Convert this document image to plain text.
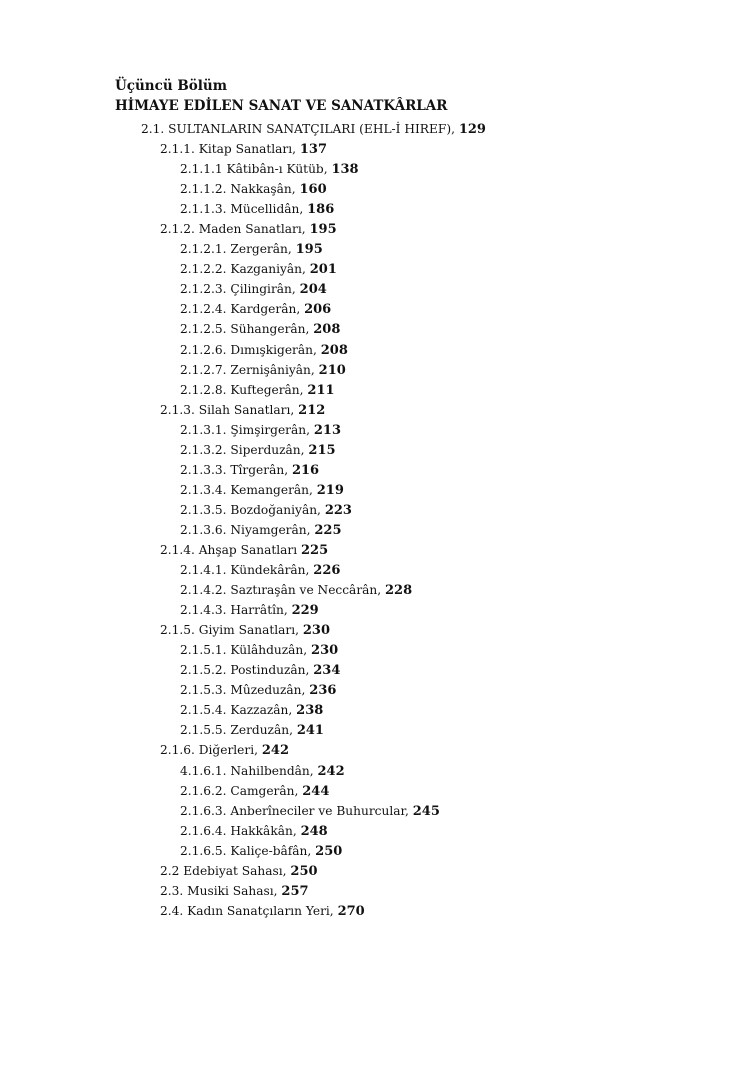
Üçüncü Bölüm
HİMAYE EDİLEN SANAT VE SANATKÂRLAR
2.1. SULTANLARIN SANATÇILARI (EHL-İ HIREF), 129
2.1.1. Kitap Sanatları, 137
2.1.1.1 Kâtibân-ı Kütüb, 138
2.1.1.2. Nakkaşân, 160
2.1.1.3. Mücellidân, 186
2.1.2. Maden Sanatları, 195
2.1.2.1. Zergerân, 195
2.1.2.2. Kazganiyân, 201
2.1.2.3. Çilingirân, 204
2.1.2.4. Kardgerân, 206
2.1.2.5. Sühangerân, 208
2.1.2.6. Dımışkigerân, 208
2.1.2.7. Zernişâniyân, 210
2.1.2.8. Kuftegerân, 211
2.1.3. Silah Sanatları, 212
2.1.3.1. Şimşirgerân, 213
2.1.3.2. Siperduzân, 215
2.1.3.3. Tîrgerân, 216
2.1.3.4. Kemangerân, 219
2.1.3.5. Bozdoğaniyân, 223
2.1.3.6. Niyamgerân, 225
2.1.4. Ahşap Sanatları 225
2.1.4.1. Kündekârân, 226
2.1.4.2. Saztıraşân ve Neccârân, 228
2.1.4.3. Harrâtîn, 229
2.1.5. Giyim Sanatları, 230
2.1.5.1. Külâhduzân, 230
2.1.5.2. Postinduzân, 234
2.1.5.3. Mûzeduzân, 236
2.1.5.4. Kazzazân, 238
2.1.5.5. Zerduzân, 241
2.1.6. Diğerleri, 242
4.1.6.1. Nahilbendân, 242
2.1.6.2. Camgerân, 244
2.1.6.3. Anberîneciler ve Buhurcular, 245
2.1.6.4. Hakkâkân, 248
2.1.6.5. Kaliçe-bâfân, 250
2.2 Edebiyat Sahası, 250
2.3. Musiki Sahası, 257
2.4. Kadın Sanatçıların Yeri, 270
